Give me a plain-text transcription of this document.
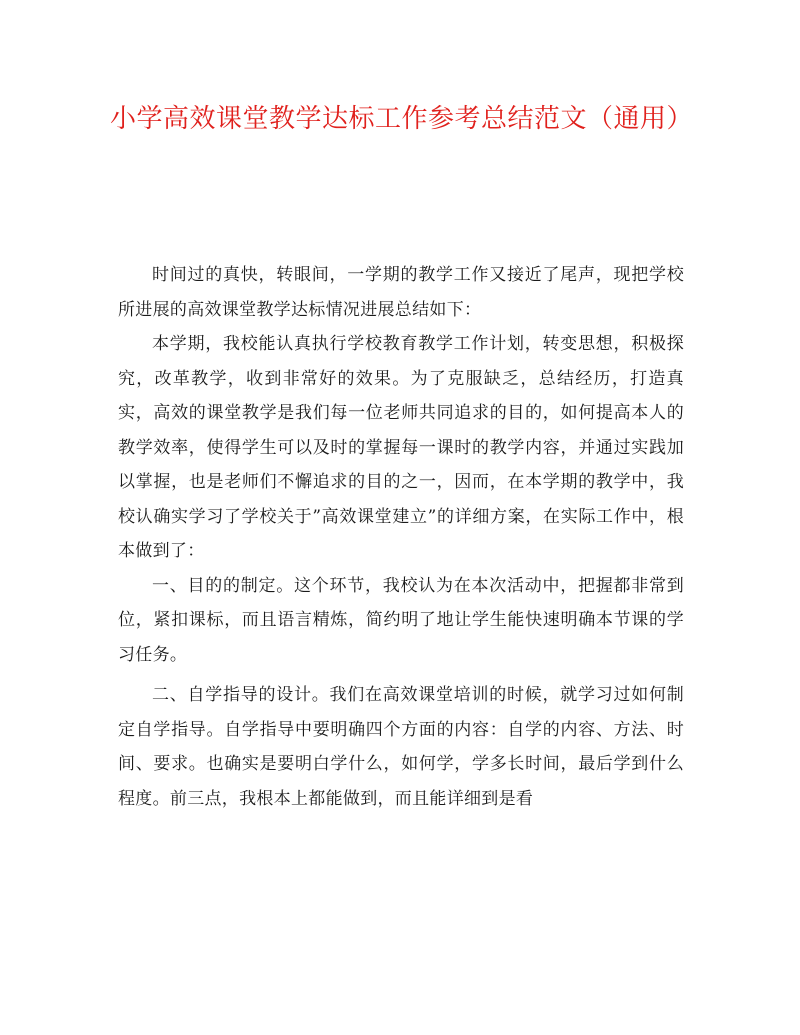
小学高效课堂教学达标工作参考总结范文（通用）

时间过的真快，转眼间，一学期的教学工作又接近了尾声，现把学校所进展的高效课堂教学达标情况进展总结如下：

本学期，我校能认真执行学校教育教学工作计划，转变思想，积极探究，改革教学，收到非常好的效果。为了克服缺乏，总结经历，打造真实，高效的课堂教学是我们每一位老师共同追求的目的，如何提高本人的教学效率，使得学生可以及时的掌握每一课时的教学内容，并通过实践加以掌握，也是老师们不懈追求的目的之一，因而，在本学期的教学中，我校认确实学习了学校关于”高效课堂建立”的详细方案，在实际工作中，根本做到了：

一、目的的制定。这个环节，我校认为在本次活动中，把握都非常到位，紧扣课标，而且语言精炼，简约明了地让学生能快速明确本节课的学习任务。

二、自学指导的设计。我们在高效课堂培训的时候，就学习过如何制定自学指导。自学指导中要明确四个方面的内容：自学的内容、方法、时间、要求。也确实是要明白学什么，如何学，学多长时间，最后学到什么程度。前三点，我根本上都能做到，而且能详细到是看
